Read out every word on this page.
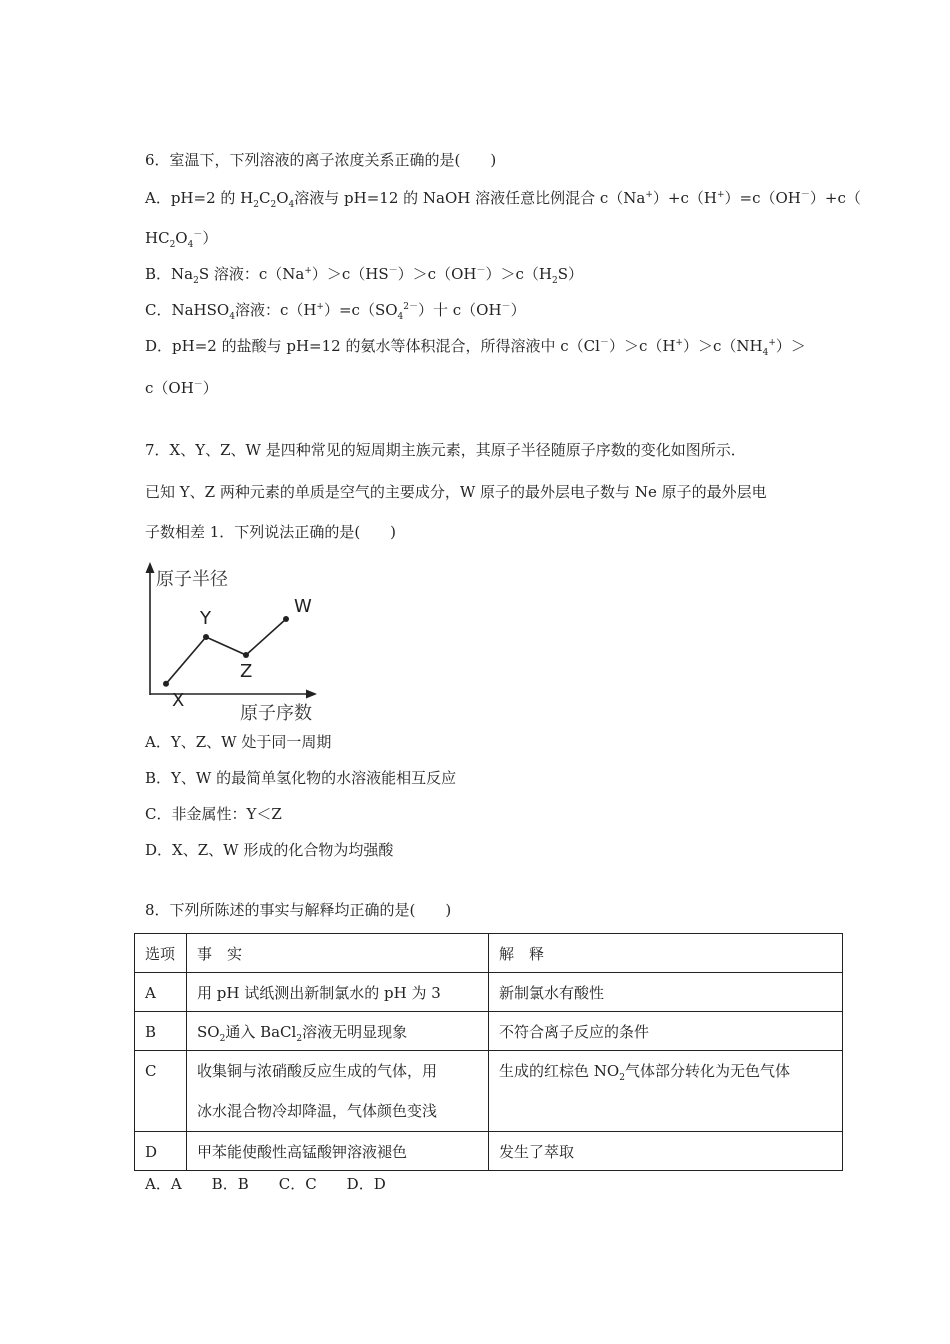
6．室温下，下列溶液的离子浓度关系正确的是(　　)
A．pH=2 的 $H_2C_2O_4$溶液与 pH=12 的 NaOH 溶液任意比例混合 c（Na+）+c（H+）=c（OH－）+c（
$HC_2O_4^-$）
B．$Na_2S$ 溶液：$c(Na^+)>c(HS^-)>c(OH^-)>c(H_2S)$
C．NaHSO$_4$溶液：$c(H^+)=c(SO_4^{2-})$十 c（OH－）
D．pH=2 的盐酸与 pH=12 的氨水等体积混合，所得溶液中 $c(Cl^-)>c(H^+)>c(NH_4^+)>$
c（OH－）
7．X、Y、Z、W 是四种常见的短周期主族元素，其原子半径随原子序数的变化如图所示．
已知 Y、Z 两种元素的单质是空气的主要成分，W 原子的最外层电子数与 Ne 原子的最外层电
子数相差 1．下列说法正确的是(　　)
原子半径
原子序数
X
Y
Z
W
A．Y、Z、W 处于同一周期
B．Y、W 的最简单氢化物的水溶液能相互反应
C．非金属性：Y＜Z
D．X、Z、W 形成的化合物为均强酸
8．下列所陈述的事实与解释均正确的是(　　)
选项	事　实	解　释
A	用 pH 试纸测出新制氯水的 pH 为 3	新制氯水有酸性
B	$SO_2$通入 BaCl$_2$溶液无明显现象	不符合离子反应的条件
C	收集铜与浓硝酸反应生成的气体，用
冰水混合物冷却降温，气体颜色变浅	生成的红棕色 $NO_2$气体部分转化为无色气体
D	甲苯能使酸性高锰酸钾溶液褪色	发生了萃取
A．A　　B．B　　C．C　　D．D
